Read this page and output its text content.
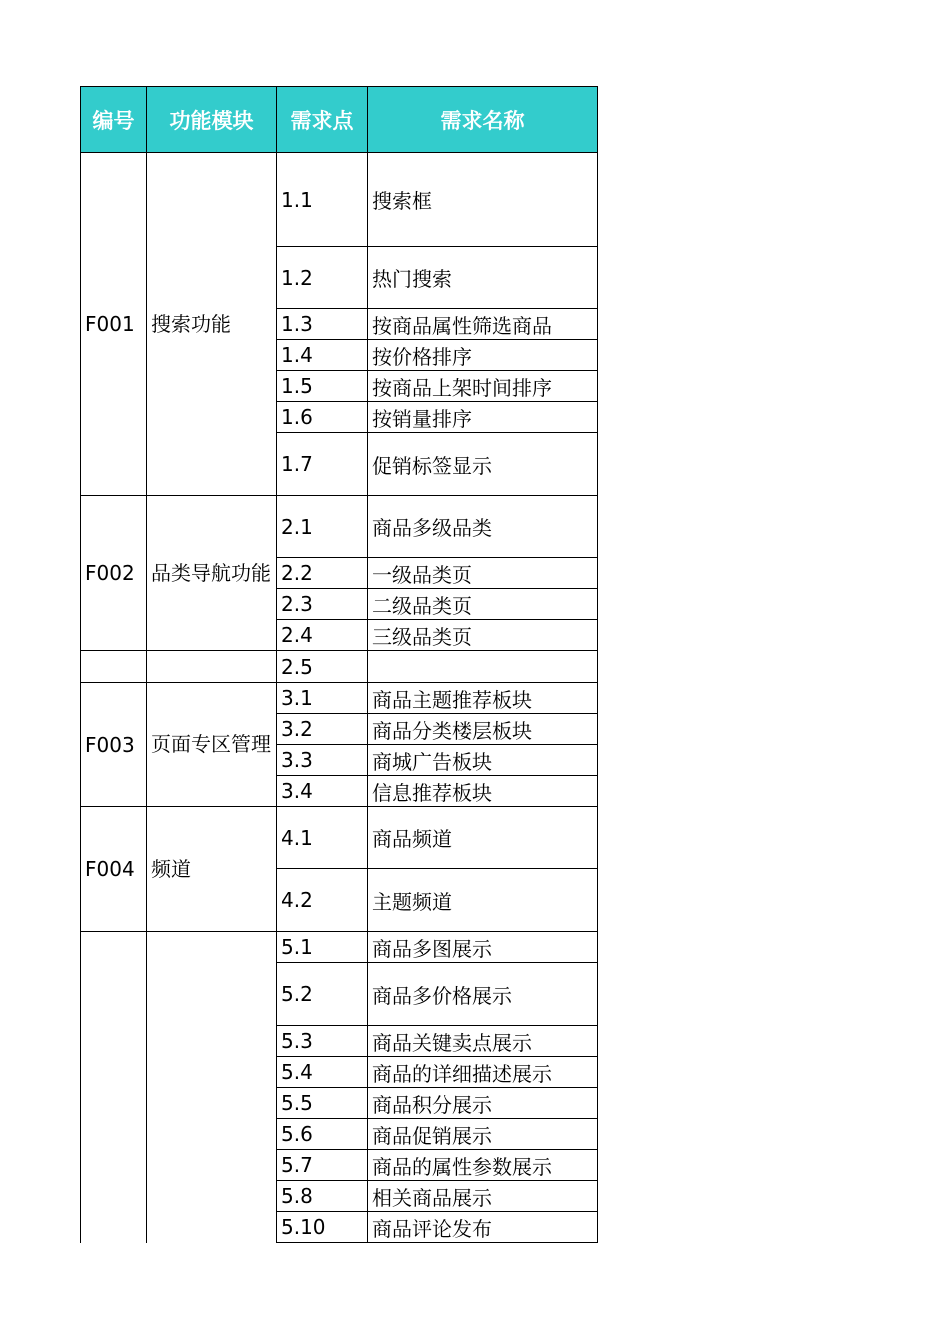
编号	功能模块	需求点	需求名称
F001	搜索功能	1.1	搜索框
		1.2	热门搜索
		1.3	按商品属性筛选商品
		1.4	按价格排序
		1.5	按商品上架时间排序
		1.6	按销量排序
		1.7	促销标签显示
F002	品类导航功能	2.1	商品多级品类
		2.2	一级品类页
		2.3	二级品类页
		2.4	三级品类页
		2.5	
F003	页面专区管理	3.1	商品主题推荐板块
		3.2	商品分类楼层板块
		3.3	商城广告板块
		3.4	信息推荐板块
F004	频道	4.1	商品频道
		4.2	主题频道
		5.1	商品多图展示
		5.2	商品多价格展示
		5.3	商品关键卖点展示
		5.4	商品的详细描述展示
		5.5	商品积分展示
		5.6	商品促销展示
		5.7	商品的属性参数展示
		5.8	相关商品展示
		5.10	商品评论发布
